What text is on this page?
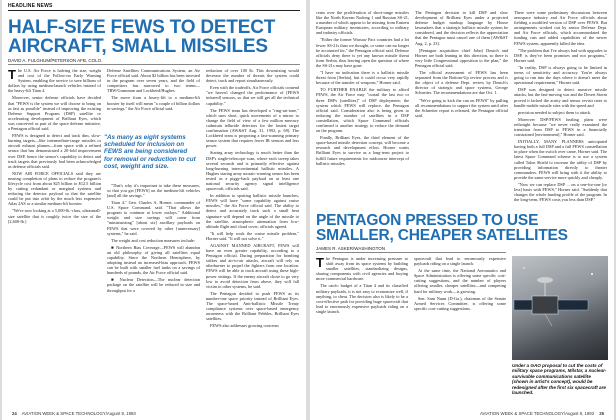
HEADLINE NEWS
HALF-SIZE FEWS TO DETECT AIRCRAFT, SMALL MISSILES
DAVID A. FULGHUM/PETERSON AFB, COLO.

The U.S. Air Force is halving the size, weight and cost of the Follow-on Early Warning System, enabling the service to save billions of dollars by using medium-launch vehicles instead of the heavy-lift Titan 4.

Moreover, senior defense officials have decided that "FEWS is the system we will choose to bring on as fast as possible" instead of improving the existing Defense Support Program (DSP) satellite or accelerating development of Brilliant Eyes, which was conceived as part of the space defense initiative, a Pentagon official said.

FEWS is designed to detect and track dim, slow-burning targets—like intermediate-range missiles or aircraft exhaust plumes—from space with a refined sensor that has demonstrated a 20-fold improvement over DSP, hence the sensor's capability to detect and track targets that previously had been acknowledged as defense officials said.

NOW AIR FORCE OFFICIALS said they are nearing completion of plans to reduce the program's lifecycle cost from about $25 billion to $12.5 billion by cutting redundant or marginal systems and reducing the detector payload so that the satellite could be put into orbit by the much less expensive Atlas 2AS or a similar medium-lift booster.

"We're now looking at a 5,000-lb.-class, ultrasmall-size satellite that is roughly twice the size of the [2,600-lb.]

Defense Satellites Communications System, an Air Force official said. About $2 billion has been invested in the program over seven years, and the field of competitors has narrowed to two teams—TRW/Grumman and Lockheed/Hughes.

The move from a heavy-lift to a medium-lift booster by itself will mean "a couple of billion dollars in savings," the Air Force official said.

"That's why it's important to take these measures, so that you get [FEWS] on the medium-lift vehicles [and] all the savings."

Titan 4," Gen. Charles A. Horner, commander of U.S. Space Command, said. "That allows the program to continue at lower outlays." Additional weight and size savings will come from "miniaturizing" [about six] ancillary payloads on FEWS that were covered by other [unnecessary] systems," he said.

The weight and cost reduction measures include:

■ Northern Bias Coverage—FEWS will abandon an old philosophy of giving all satellites equal capability. Since the Northern Hemisphere, by adopting instead an increased-bias approach, FEWS can be built with smaller fuel tanks on a savings of hundreds of pounds, the Air Force official said.

■ Nuclear Detection—The nuclear detection package on the satellite will be reduced in size and throughput for a

reduction of over 100 lb. This downsizing would decrease the number of threats the system could detect, track and report simultaneously.

Even with the tradeoffs, Air Force officials contend "we haven't changed the performance of [FEWS infrared] sensors, so that we still get all the technical capability."

The FEWS team has developed a "ring-sat-tone," which uses short, quick movements of a mirror to change the field of view of a few million mercury cadmium telluride detectors for the fastest target confirmation (AW&ST Aug. 31, 1992, p. 69). The Lockheed team is proposing a fast-scanning primary sensor system that requires fewer IR sensors and less power.

Staring array technology is much better than the DSP's single-telescope scan, where each sweep takes several seconds and is primarily effective against long-burning intercontinental ballistic missiles. A Hughes staring array mosaic-warning sensor has been tested as a piggy-back payload on at least one national security agency signal intelligence spacecraft, officials said.

In addition to spotting ballistic missile launches, FEWS will have "some capability against cruise missiles," the Air Force official said. The ability to detect and accurately track such a small heat signature will depend on the angle of the missile to the satellite, atmospheric attenuation from low-altitude flight and cloud cover, officials agreed.

"It will help work the cruise missile problem," Horner said. "It will not solve it."

AGAINST MANNED AIRCRAFT, FEWS will have an even greater capability, according to a Pentagon official. During preparation for bombing strikes and air-to-air attacks, aircraft will rely on afterburner to propel the fighters from one location. FEWS will be able to track aircraft using these high-power settings. If the enemy aircraft chose to go very low to avoid detection from above, they will fall victim to other systems, he said.

The Pentagon decided to push FEWS as its number-one space priority instead of Brilliant Eyes. The space-based Anti-ballistic Missile Treaty compliance systems over space-based emergency awareness with the Brilliant Pebbles, Brilliant Eyes satellites.

FEWS also addresses growing concerns

"As many as eight systems scheduled for inclusion on FEWS are being considered for removal or reduction to cut cost, weight and size.
24 AVIATION WEEK & SPACE TECHNOLOGY/August 9, 1993

cerns over the proliferation of short-range missiles like the North Korean Nodong 1 and Russian SS-21, a number of which appear to be missing from Eastern European military inventories, according to military and industry officials.

"Either the former Warsaw Pact countries had a lot fewer SS-21s than we thought, or some can no longer be accounted for," the Pentagon official said. Defense officials deny there is yet any known missile threat from Serbia, thus leaving open the question of where the SS-21s may have gone.

"I have no indication there is a ballistic missile threat from [Serbia], but it could occur very rapidly because of the transfer of weapons," Horner said.

TO FURTHER ENABLE the military to afford FEWS, the Air Force may "curtail the last two or three DSPs [satellites]" of DSP deployment; the system which FEWS will replace, the Pentagon official said. Consideration also is being given to reducing the number of satellites in a DSP constellation, which Space Command officials confirmed is another strategy to reduce the demand on the program.

Finally, Brilliant Eyes, the third element of the space-based missile detection concept, will become a research and development effort. Horner wants Brilliant Eyes to survive as a long-term project to fulfill future requirements for midcourse intercept of ballistic missiles.

The Pentagon decision to kill DSP and slow development of Brilliant Eyes under a projected defense budget markup language by House lawmakers that a strategic ballistic missile system be considered, and the decision reflects the appreciation that the Pentagon must cancel one of them [AW&ST Aug. 2, p. 23].

[Pentagon acquisition chief John] Deutch and Horner are both leaning in this direction, so there is very little Congressional opposition to the plan," the Pentagon official said.

The official assessment of FEWS has been separated from the Bottom-Up review process and is the object of a defense Dept. review by Deutch's director of strategic and space systems, George Schneiter. The recommendations are due Oct. 1.

"We're going to kick the can on FEWS" by pulling all recommendations to support the system until after the Schneiter report is released, the Pentagon official said.

There were some preliminary discussions between aerospace industry and Air Force officials about fielding a modified version of DSP over FEWS. But arrangements worked out by senior Defense Dept. and Air Force officials, which accommodated the funding cuts and added capabilities of the newer FEWS system, apparently killed the idea.

"The problem that I've always had with upgrades to DSP, is they've been promises and not programs," Horner said.

"In reality, DSP is always going to be limited in terms of sensitivity and accuracy. You're always going to run into the days where it doesn't meet the operational requirement," Horner said.

DSP was designed to detect massive missile attacks, but the fast-moving war and the Desert Storm proved it lacked the acuity and sensor revisit rates to handle mobile missile sites with the speed and

precision needed to subject them to attack.

Moreover DSP/FEWS healing plans were rethought because "we never really examined the transition from DSP to FEWS in a financially constrained [environment]," Horner said.

INITIALLY, MANY PLANNERS anticipated having both a full DSP and a full FEWS constellation in place when the switch over came, Horner said. The latest Space Command scheme is to use a system called Talon Shield to increase the utility of DSP by providing information directly to theater commanders. FEWS will bring with it the ability to provide the same service more quickly and cheaply.

"Now we can replace DSP ... on a one-for-one [or less] basis with FEWS," Horner said. "Suddenly that changes the whole funding profile of the program. In the long-term, FEWS costs you less than DSP."

PENTAGON PRESSED TO USE SMALLER, CHEAPER SATELLITES
JAMES R. ASKER/WASHINGTON

The Pentagon is under increasing pressure to shift away from its space systems by building smaller satellites, standardizing designs, sharing components with civil agencies and buying more commercial hardware.

The catch: budget of a Titan 4 and its classified military payloads, it is not easy to economize well, if anything, to cheat. The decision also is likely to be a cost-effective path for providing huge spacecraft that lead to enormously expensive payloads riding on a single launch.

spacecraft that lead to enormously expensive payloads riding on a single launch.

At the same time, the National Aeronautics and Space Administration is offering some specific cost-cutting suggestions, and the number of players offering smaller, cheaper satellites—and competing hard for military work—is growing.

Sen. Sam Nunn (D-Ga.), chairman of the Senate Armed Services Committee, is offering some specific cost-cutting suggestions.

Under a GAO proposal to cut the costs of military space programs, Milstar, a nuclear-survivable communications satellite (shown in artist's concept), would be redesigned after the first six spacecraft are launched.
AVIATION WEEK & SPACE TECHNOLOGY/August 9, 1993 25
